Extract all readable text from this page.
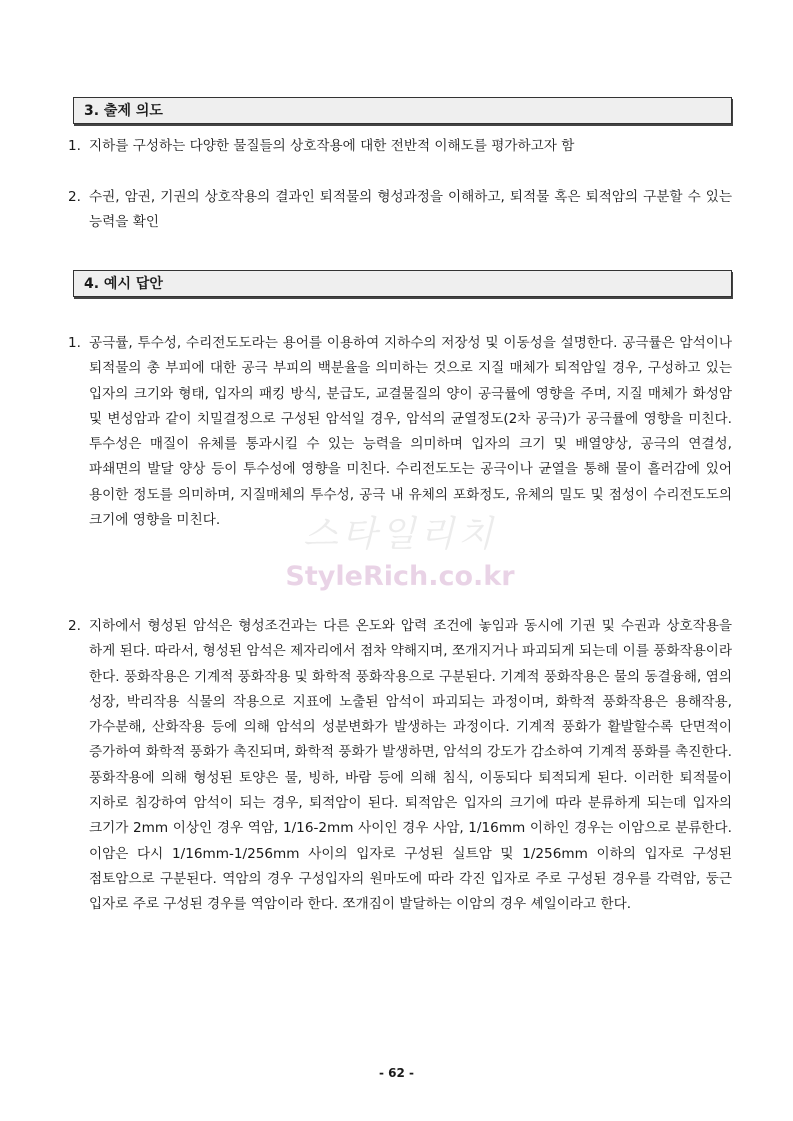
3. 출제 의도
1. 지하를 구성하는 다양한 물질들의 상호작용에 대한 전반적 이해도를 평가하고자 함
2. 수권, 암권, 기권의 상호작용의 결과인 퇴적물의 형성과정을 이해하고, 퇴적물 혹은 퇴적암의 구분할 수 있는 능력을 확인
4. 예시 답안
1. 공극률, 투수성, 수리전도도라는 용어를 이용하여 지하수의 저장성 및 이동성을 설명한다. 공극률은 암석이나 퇴적물의 총 부피에 대한 공극 부피의 백분율을 의미하는 것으로 지질 매체가 퇴적암일 경우, 구성하고 있는 입자의 크기와 형태, 입자의 패킹 방식, 분급도, 교결물질의 양이 공극률에 영향을 주며, 지질 매체가 화성암 및 변성암과 같이 치밀결정으로 구성된 암석일 경우, 암석의 균열정도(2차 공극)가 공극률에 영향을 미친다. 투수성은 매질이 유체를 통과시킬 수 있는 능력을 의미하며 입자의 크기 및 배열양상, 공극의 연결성, 파쇄면의 발달 양상 등이 투수성에 영향을 미친다. 수리전도도는 공극이나 균열을 통해 물이 흘러감에 있어 용이한 정도를 의미하며, 지질매체의 투수성, 공극 내 유체의 포화정도, 유체의 밀도 및 점성이 수리전도도의 크기에 영향을 미친다.
2. 지하에서 형성된 암석은 형성조건과는 다른 온도와 압력 조건에 놓임과 동시에 기권 및 수권과 상호작용을 하게 된다. 따라서, 형성된 암석은 제자리에서 점차 약해지며, 쪼개지거나 파괴되게 되는데 이를 풍화작용이라 한다. 풍화작용은 기계적 풍화작용 및 화학적 풍화작용으로 구분된다. 기계적 풍화작용은 물의 동결융해, 염의 성장, 박리작용 식물의 작용으로 지표에 노출된 암석이 파괴되는 과정이며, 화학적 풍화작용은 용해작용, 가수분해, 산화작용 등에 의해 암석의 성분변화가 발생하는 과정이다. 기계적 풍화가 활발할수록 단면적이 증가하여 화학적 풍화가 촉진되며, 화학적 풍화가 발생하면, 암석의 강도가 감소하여 기계적 풍화를 촉진한다. 풍화작용에 의해 형성된 토양은 물, 빙하, 바람 등에 의해 침식, 이동되다 퇴적되게 된다. 이러한 퇴적물이 지하로 침강하여 암석이 되는 경우, 퇴적암이 된다. 퇴적암은 입자의 크기에 따라 분류하게 되는데 입자의 크기가 2mm 이상인 경우 역암, 1/16-2mm 사이인 경우 사암, 1/16mm 이하인 경우는 이암으로 분류한다. 이암은 다시 1/16mm-1/256mm 사이의 입자로 구성된 실트암 및 1/256mm 이하의 입자로 구성된 점토암으로 구분된다. 역암의 경우 구성입자의 원마도에 따라 각진 입자로 주로 구성된 경우를 각력암, 둥근 입자로 주로 구성된 경우를 역암이라 한다. 쪼개짐이 발달하는 이암의 경우 셰일이라고 한다.
스타일리치
StyleRich.co.kr
- 62 -
